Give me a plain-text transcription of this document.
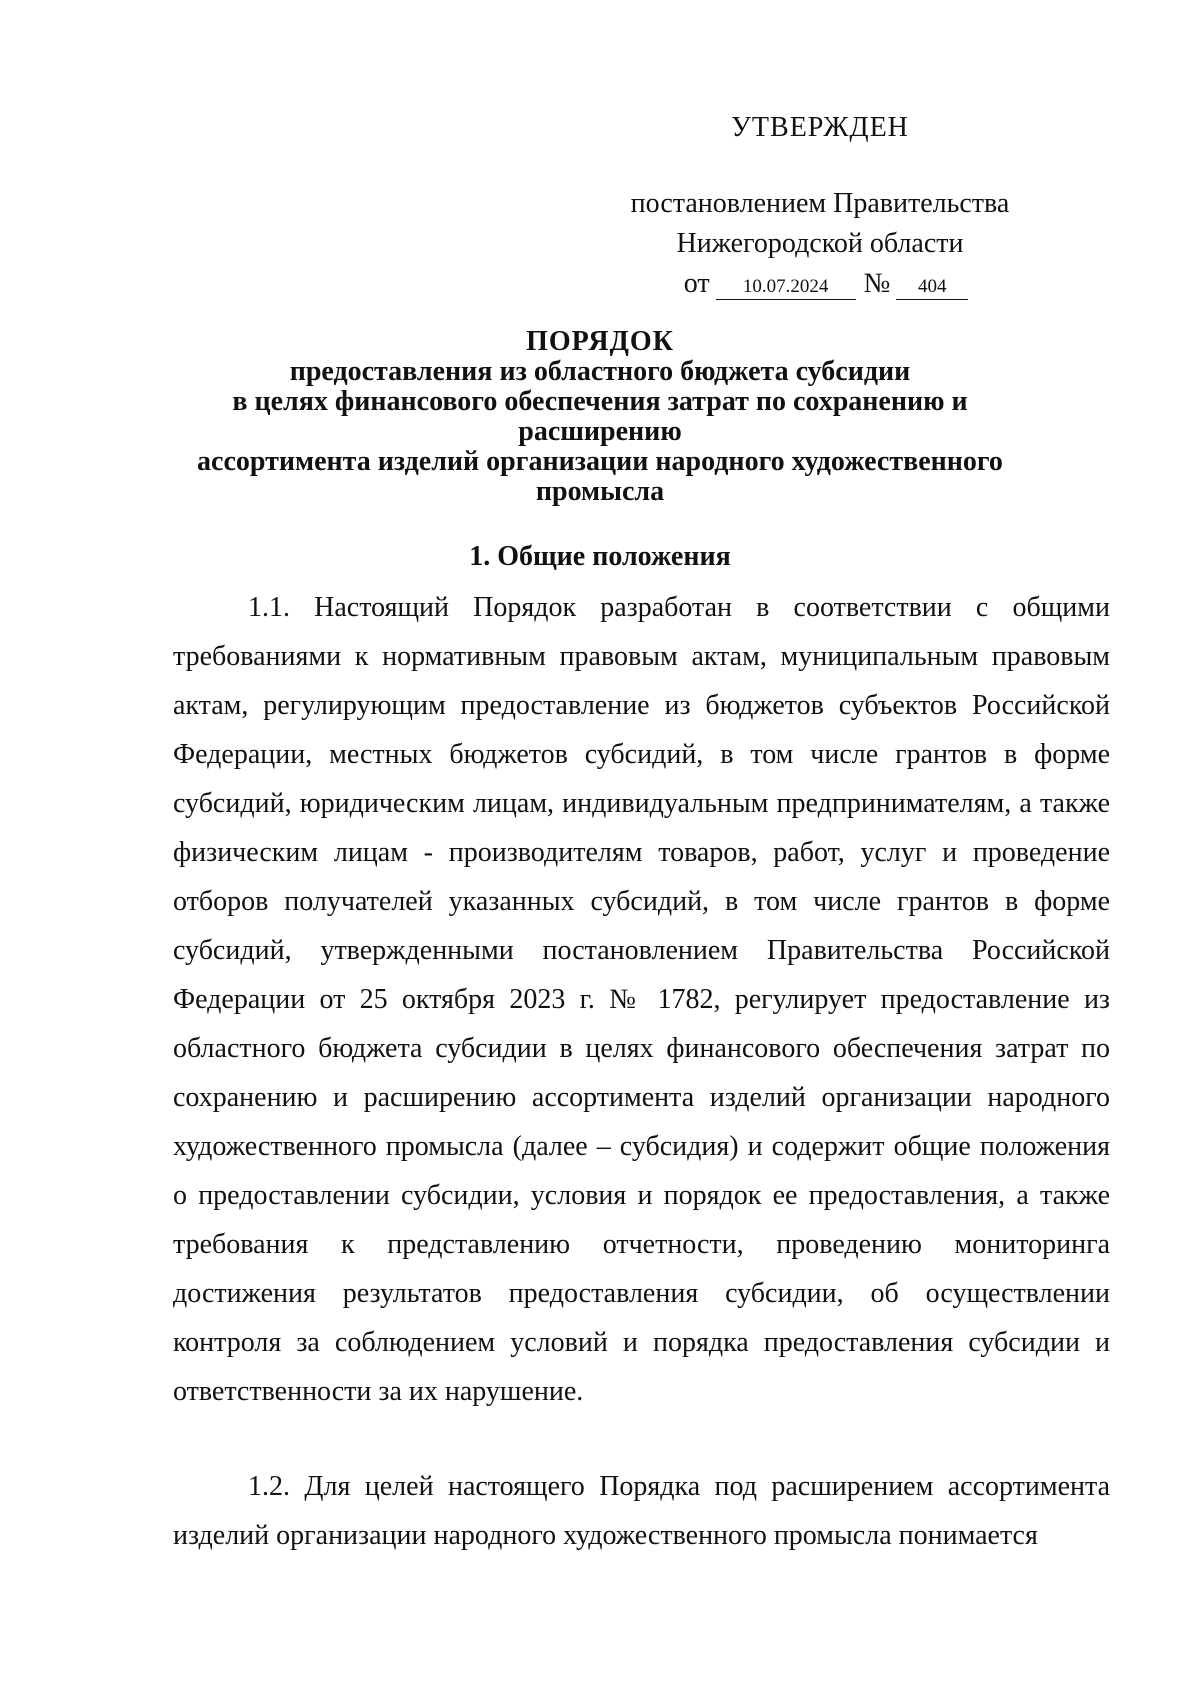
УТВЕРЖДЕН
постановлением Правительства
Нижегородской области
от	10.07.2024	№	404
ПОРЯДОК
предоставления из областного бюджета субсидии
в целях финансового обеспечения затрат по сохранению и расширению
ассортимента изделий организации народного художественного
промысла
1. Общие положения

1.1. Настоящий Порядок разработан в соответствии с общими требованиями к нормативным правовым актам, муниципальным правовым актам, регулирующим предоставление из бюджетов субъектов Российской Федерации, местных бюджетов субсидий, в том числе грантов в форме субсидий, юридическим лицам, индивидуальным предпринимателям, а также физическим лицам - производителям товаров, работ, услуг и проведение отборов получателей указанных субсидий, в том числе грантов в форме субсидий, утвержденными постановлением Правительства Российской Федерации от 25 октября 2023 г. № 1782, регулирует предоставление из областного бюджета субсидии в целях финансового обеспечения затрат по сохранению и расширению ассортимента изделий организации народного художественного промысла (далее – субсидия) и содержит общие положения о предоставлении субсидии, условия и порядок ее предоставления, а также требования к представлению отчетности, проведению мониторинга достижения результатов предоставления субсидии, об осуществлении контроля за соблюдением условий и порядка предоставления субсидии и ответственности за их нарушение.

1.2. Для целей настоящего Порядка под расширением ассортимента изделий организации народного художественного промысла понимается
